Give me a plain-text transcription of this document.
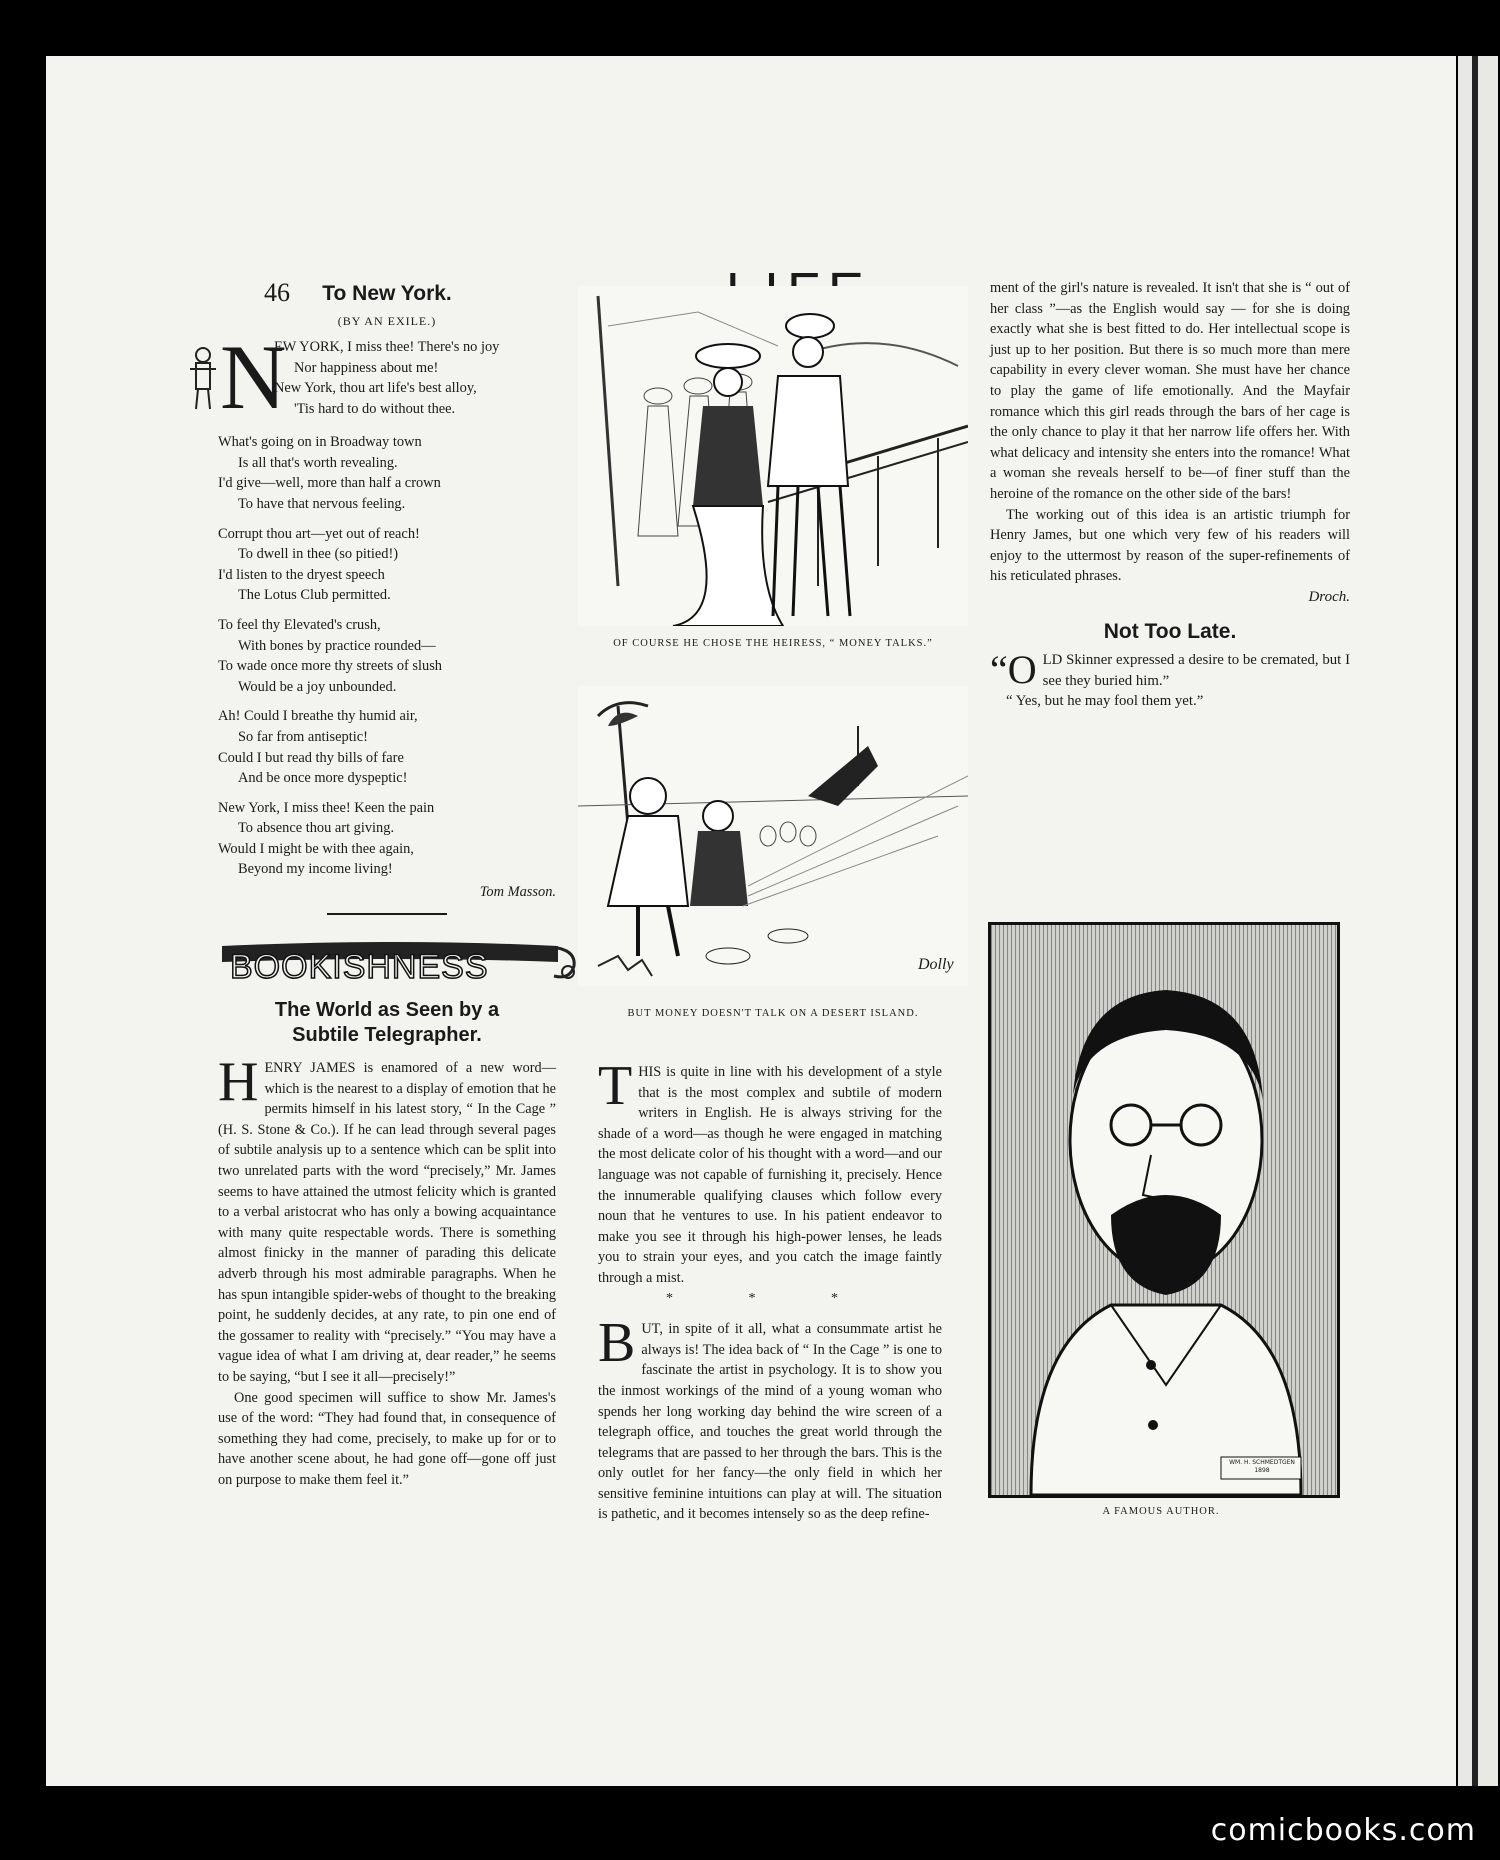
46	To New York.
(BY AN EXILE.)
N
EW YORK, I miss thee! There's no joy
Nor happiness about me!
New York, thou art life's best alloy,
'Tis hard to do without thee.
What's going on in Broadway town
Is all that's worth revealing.
I'd give—well, more than half a crown
To have that nervous feeling.
Corrupt thou art—yet out of reach!
To dwell in thee (so pitied!)
I'd listen to the dryest speech
The Lotus Club permitted.
To feel thy Elevated's crush,
With bones by practice rounded—
To wade once more thy streets of slush
Would be a joy unbounded.
Ah! Could I breathe thy humid air,
So far from antiseptic!
Could I but read thy bills of fare
And be once more dyspeptic!
New York, I miss thee! Keen the pain
To absence thou art giving.
Would I might be with thee again,
Beyond my income living!
Tom Masson.
BOOKISHNESS
The World as Seen by a
Subtile Telegrapher.

HENRY JAMES is enamored of a new word—which is the nearest to a display of emotion that he permits himself in his latest story, “ In the Cage ” (H. S. Stone & Co.). If he can lead through several pages of subtile analysis up to a sentence which can be split into two unrelated parts with the word “precisely,” Mr. James seems to have attained the utmost felicity which is granted to a verbal aristocrat who has only a bowing acquaintance with many quite respectable words. There is something almost finicky in the manner of parading this delicate adverb through his most admirable paragraphs. When he has spun intangible spider-webs of thought to the breaking point, he suddenly decides, at any rate, to pin one end of the gossamer to reality with “precisely.” “You may have a vague idea of what I am driving at, dear reader,” he seems to be saying, “but I see it all—precisely!”

One good specimen will suffice to show Mr. James's use of the word: “They had found that, in consequence of something they had come, precisely, to make up for or to have another scene about, he had gone off—gone off just on purpose to make them feel it.”

OF COURSE HE CHOSE THE HEIRESS, “ MONEY TALKS.”
Dolly
BUT MONEY DOESN'T TALK ON A DESERT ISLAND.

THIS is quite in line with his development of a style that is the most complex and subtile of modern writers in English. He is always striving for the shade of a word—as though he were engaged in matching the most delicate color of his thought with a word—and our language was not capable of furnishing it, precisely. Hence the innumerable qualifying clauses which follow every noun that he ventures to use. In his patient endeavor to make you see it through his high-power lenses, he leads you to strain your eyes, and you catch the image faintly through a mist.

* * *

BUT, in spite of it all, what a consummate artist he always is! The idea back of “ In the Cage ” is one to fascinate the artist in psychology. It is to show you the inmost workings of the mind of a young woman who spends her long working day behind the wire screen of a telegraph office, and touches the great world through the telegrams that are passed to her through the bars. This is the only outlet for her fancy—the only field in which her sensitive feminine intuitions can play at will. The situation is pathetic, and it becomes intensely so as the deep refine-

ment of the girl's nature is revealed. It isn't that she is “ out of her class ”—as the English would say — for she is doing exactly what she is best fitted to do. Her intellectual scope is just up to her position. But there is so much more than mere capability in every clever woman. She must have her chance to play the game of life emotionally. And the Mayfair romance which this girl reads through the bars of her cage is the only chance to play it that her narrow life offers her. With what delicacy and intensity she enters into the romance! What a woman she reveals herself to be—of finer stuff than the heroine of the romance on the other side of the bars!

The working out of this idea is an artistic triumph for Henry James, but one which very few of his readers will enjoy to the uttermost by reason of the super-refinements of his reticulated phrases.

Droch.
Not Too Late.

“OLD Skinner expressed a desire to be cremated, but I see they buried him.”

“ Yes, but he may fool them yet.”

WM. H. SCHMEDTGEN 1898
A FAMOUS AUTHOR.
comicbooks.com
